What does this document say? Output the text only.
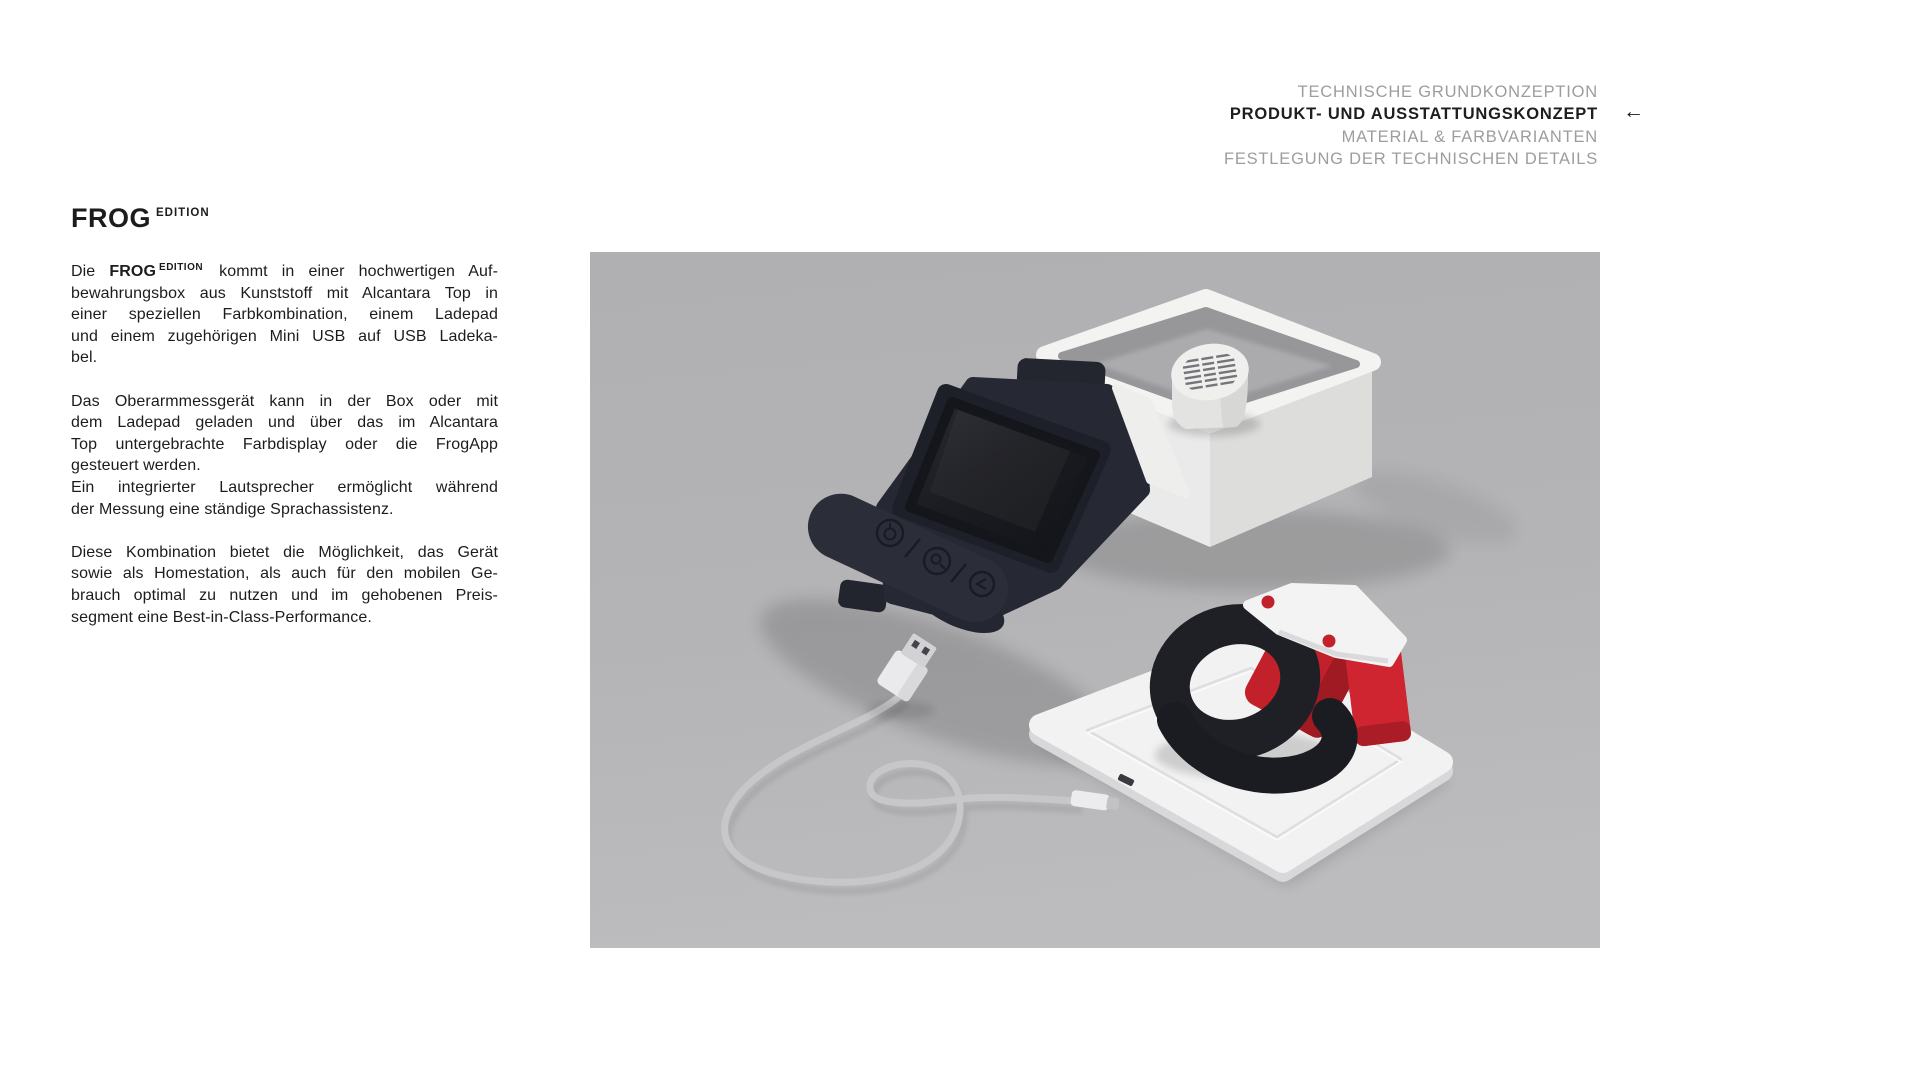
TECHNISCHE GRUNDKONZEPTION
PRODUKT- UND AUSSTATTUNGSKONZEPT ←
MATERIAL & FARBVARIANTEN
FESTLEGUNG DER TECHNISCHEN DETAILS
FROG $^{EDITION}$
Die FROG $^{EDITION}$ kommt in einer hochwertigen Auf-
bewahrungsbox aus Kunststoff mit Alcantara Top in
einer speziellen Farbkombination, einem Ladepad
und einem zugehörigen Mini USB auf USB Ladeka-
bel.
Das Oberarmmessgerät kann in der Box oder mit
dem Ladepad geladen und über das im Alcantara
Top untergebrachte Farbdisplay oder die FrogApp
gesteuert werden.
Ein integrierter Lautsprecher ermöglicht während
der Messung eine ständige Sprachassistenz.
Diese Kombination bietet die Möglichkeit, das Gerät
sowie als Homestation, als auch für den mobilen Ge-
brauch optimal zu nutzen und im gehobenen Preis-
segment eine Best-in-Class-Performance.
